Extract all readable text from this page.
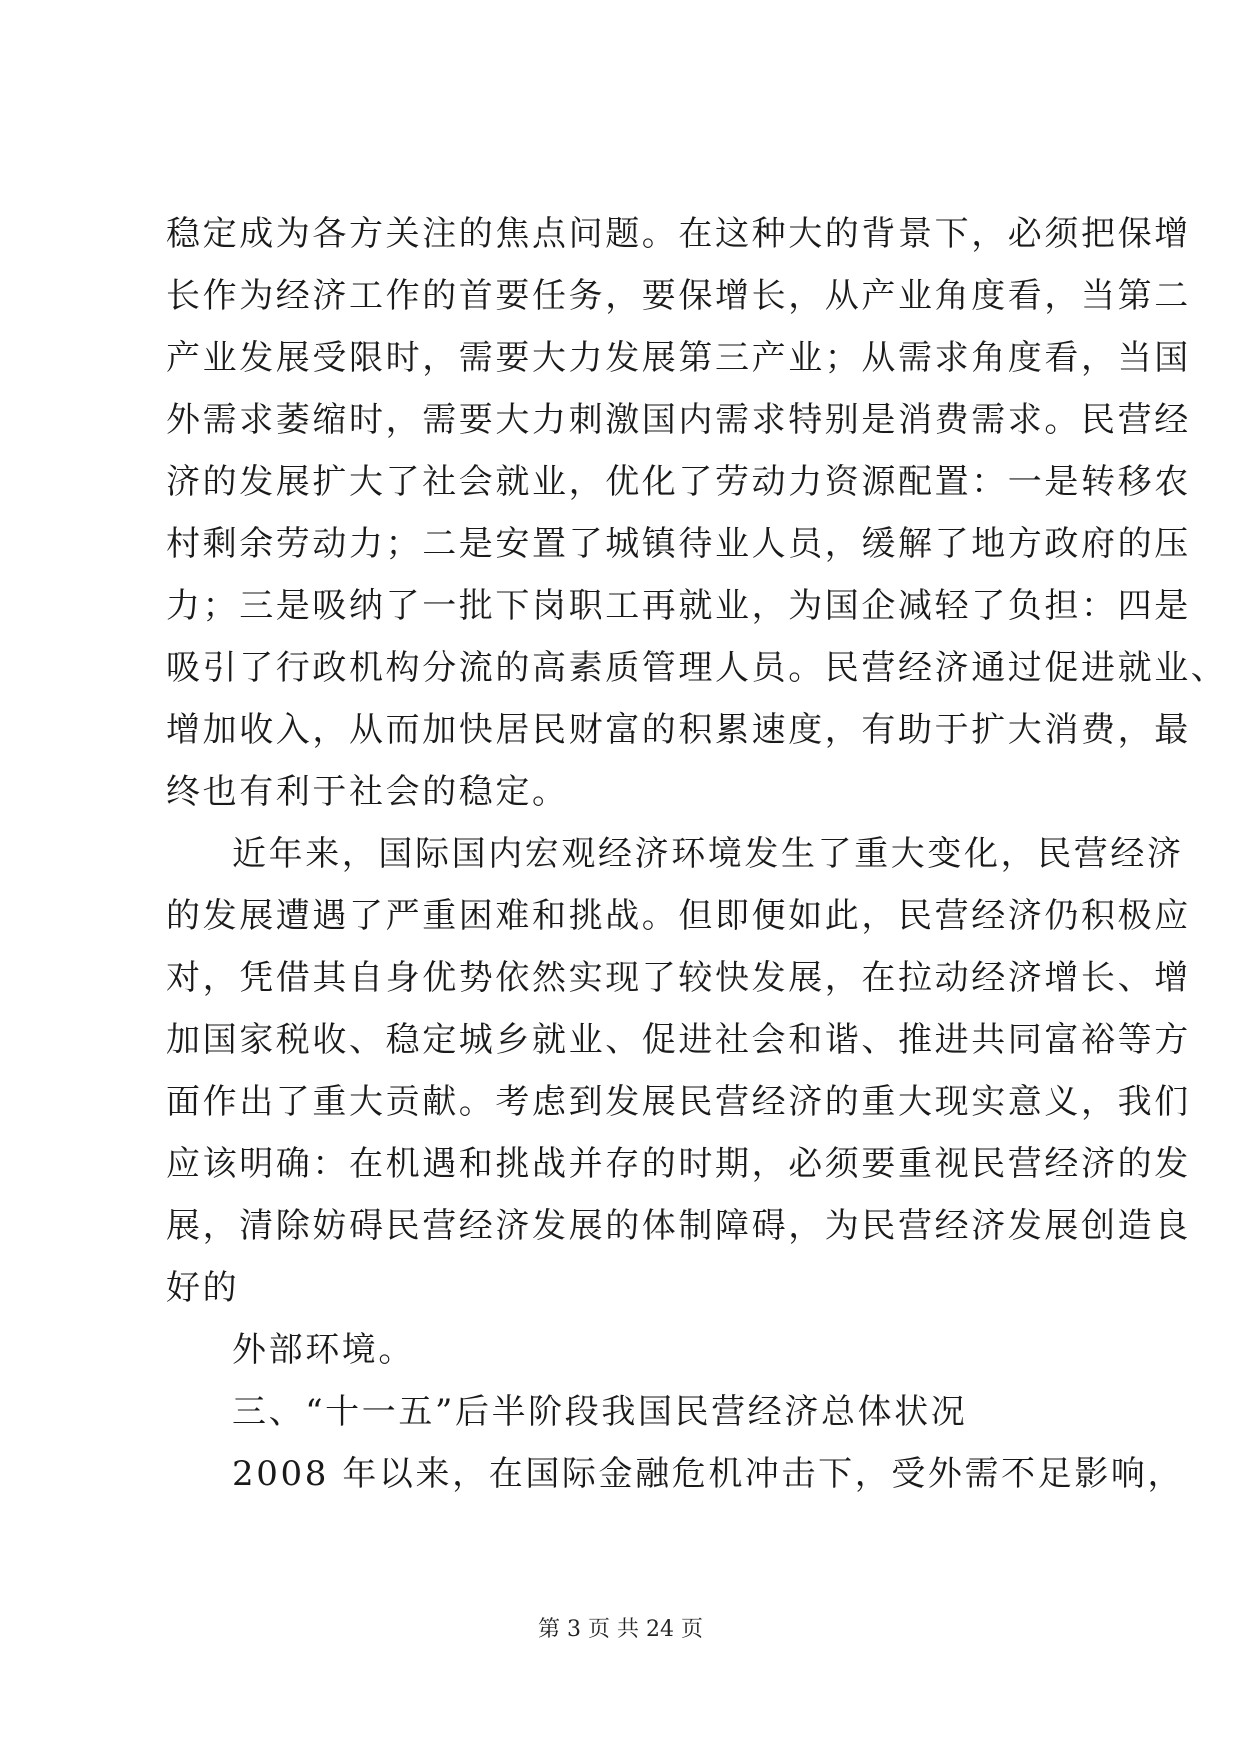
稳定成为各方关注的焦点问题。在这种大的背景下，必须把保增
长作为经济工作的首要任务，要保增长，从产业角度看，当第二
产业发展受限时，需要大力发展第三产业；从需求角度看，当国
外需求萎缩时，需要大力刺激国内需求特别是消费需求。民营经
济的发展扩大了社会就业，优化了劳动力资源配置：一是转移农
村剩余劳动力；二是安置了城镇待业人员，缓解了地方政府的压
力；三是吸纳了一批下岗职工再就业，为国企减轻了负担：四是
吸引了行政机构分流的高素质管理人员。民营经济通过促进就业、
增加收入，从而加快居民财富的积累速度，有助于扩大消费，最
终也有利于社会的稳定。
近年来，国际国内宏观经济环境发生了重大变化，民营经济
的发展遭遇了严重困难和挑战。但即便如此，民营经济仍积极应
对，凭借其自身优势依然实现了较快发展，在拉动经济增长、增
加国家税收、稳定城乡就业、促进社会和谐、推进共同富裕等方
面作出了重大贡献。考虑到发展民营经济的重大现实意义，我们
应该明确：在机遇和挑战并存的时期，必须要重视民营经济的发
展，清除妨碍民营经济发展的体制障碍，为民营经济发展创造良
好的
外部环境。
三、“十一五”后半阶段我国民营经济总体状况
2008 年以来，在国际金融危机冲击下，受外需不足影响，
第 3 页 共 24 页
